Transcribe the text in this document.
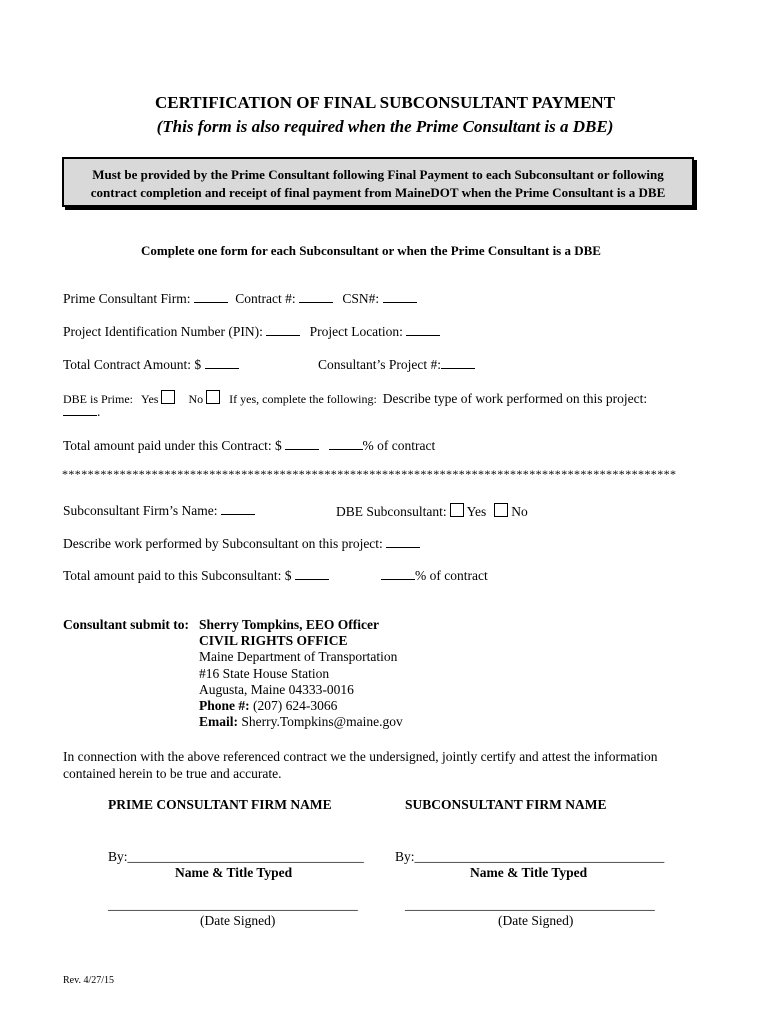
CERTIFICATION OF FINAL SUBCONSULTANT PAYMENT
(This form is also required when the Prime Consultant is a DBE)
Must be provided by the Prime Consultant following Final Payment to each Subconsultant or following
contract completion and receipt of final payment from MaineDOT when the Prime Consultant is a DBE
Complete one form for each Subconsultant or when the Prime Consultant is a DBE
Prime Consultant Firm:	Contract #:	CSN#:
Project Identification Number (PIN):	Project Location:
Total Contract Amount: $	Consultant’s Project #:
DBE is Prime: Yes	No If yes, complete the following: Describe type of work performed on this project:
.
Total amount paid under this Contract: $	% of contract
************************************************************************************************
Subconsultant Firm’s Name:	DBE Subconsultant: Yes No
Describe work performed by Subconsultant on this project:
Total amount paid to this Subconsultant: $	% of contract
Consultant submit to: Sherry Tompkins, EEO Officer
CIVIL RIGHTS OFFICE
Maine Department of Transportation
#16 State House Station
Augusta, Maine 04333-0016
Phone #: (207) 624-3066
Email: Sherry.Tompkins@maine.gov
In connection with the above referenced contract we the undersigned, jointly certify and attest the information
contained herein to be true and accurate.
PRIME CONSULTANT FIRM NAME	SUBCONSULTANT FIRM NAME
By:___________________________________ By:_____________________________________
Name & Title Typed	Name & Title Typed
_____________________________________	_____________________________________
(Date Signed)	(Date Signed)
Rev. 4/27/15
